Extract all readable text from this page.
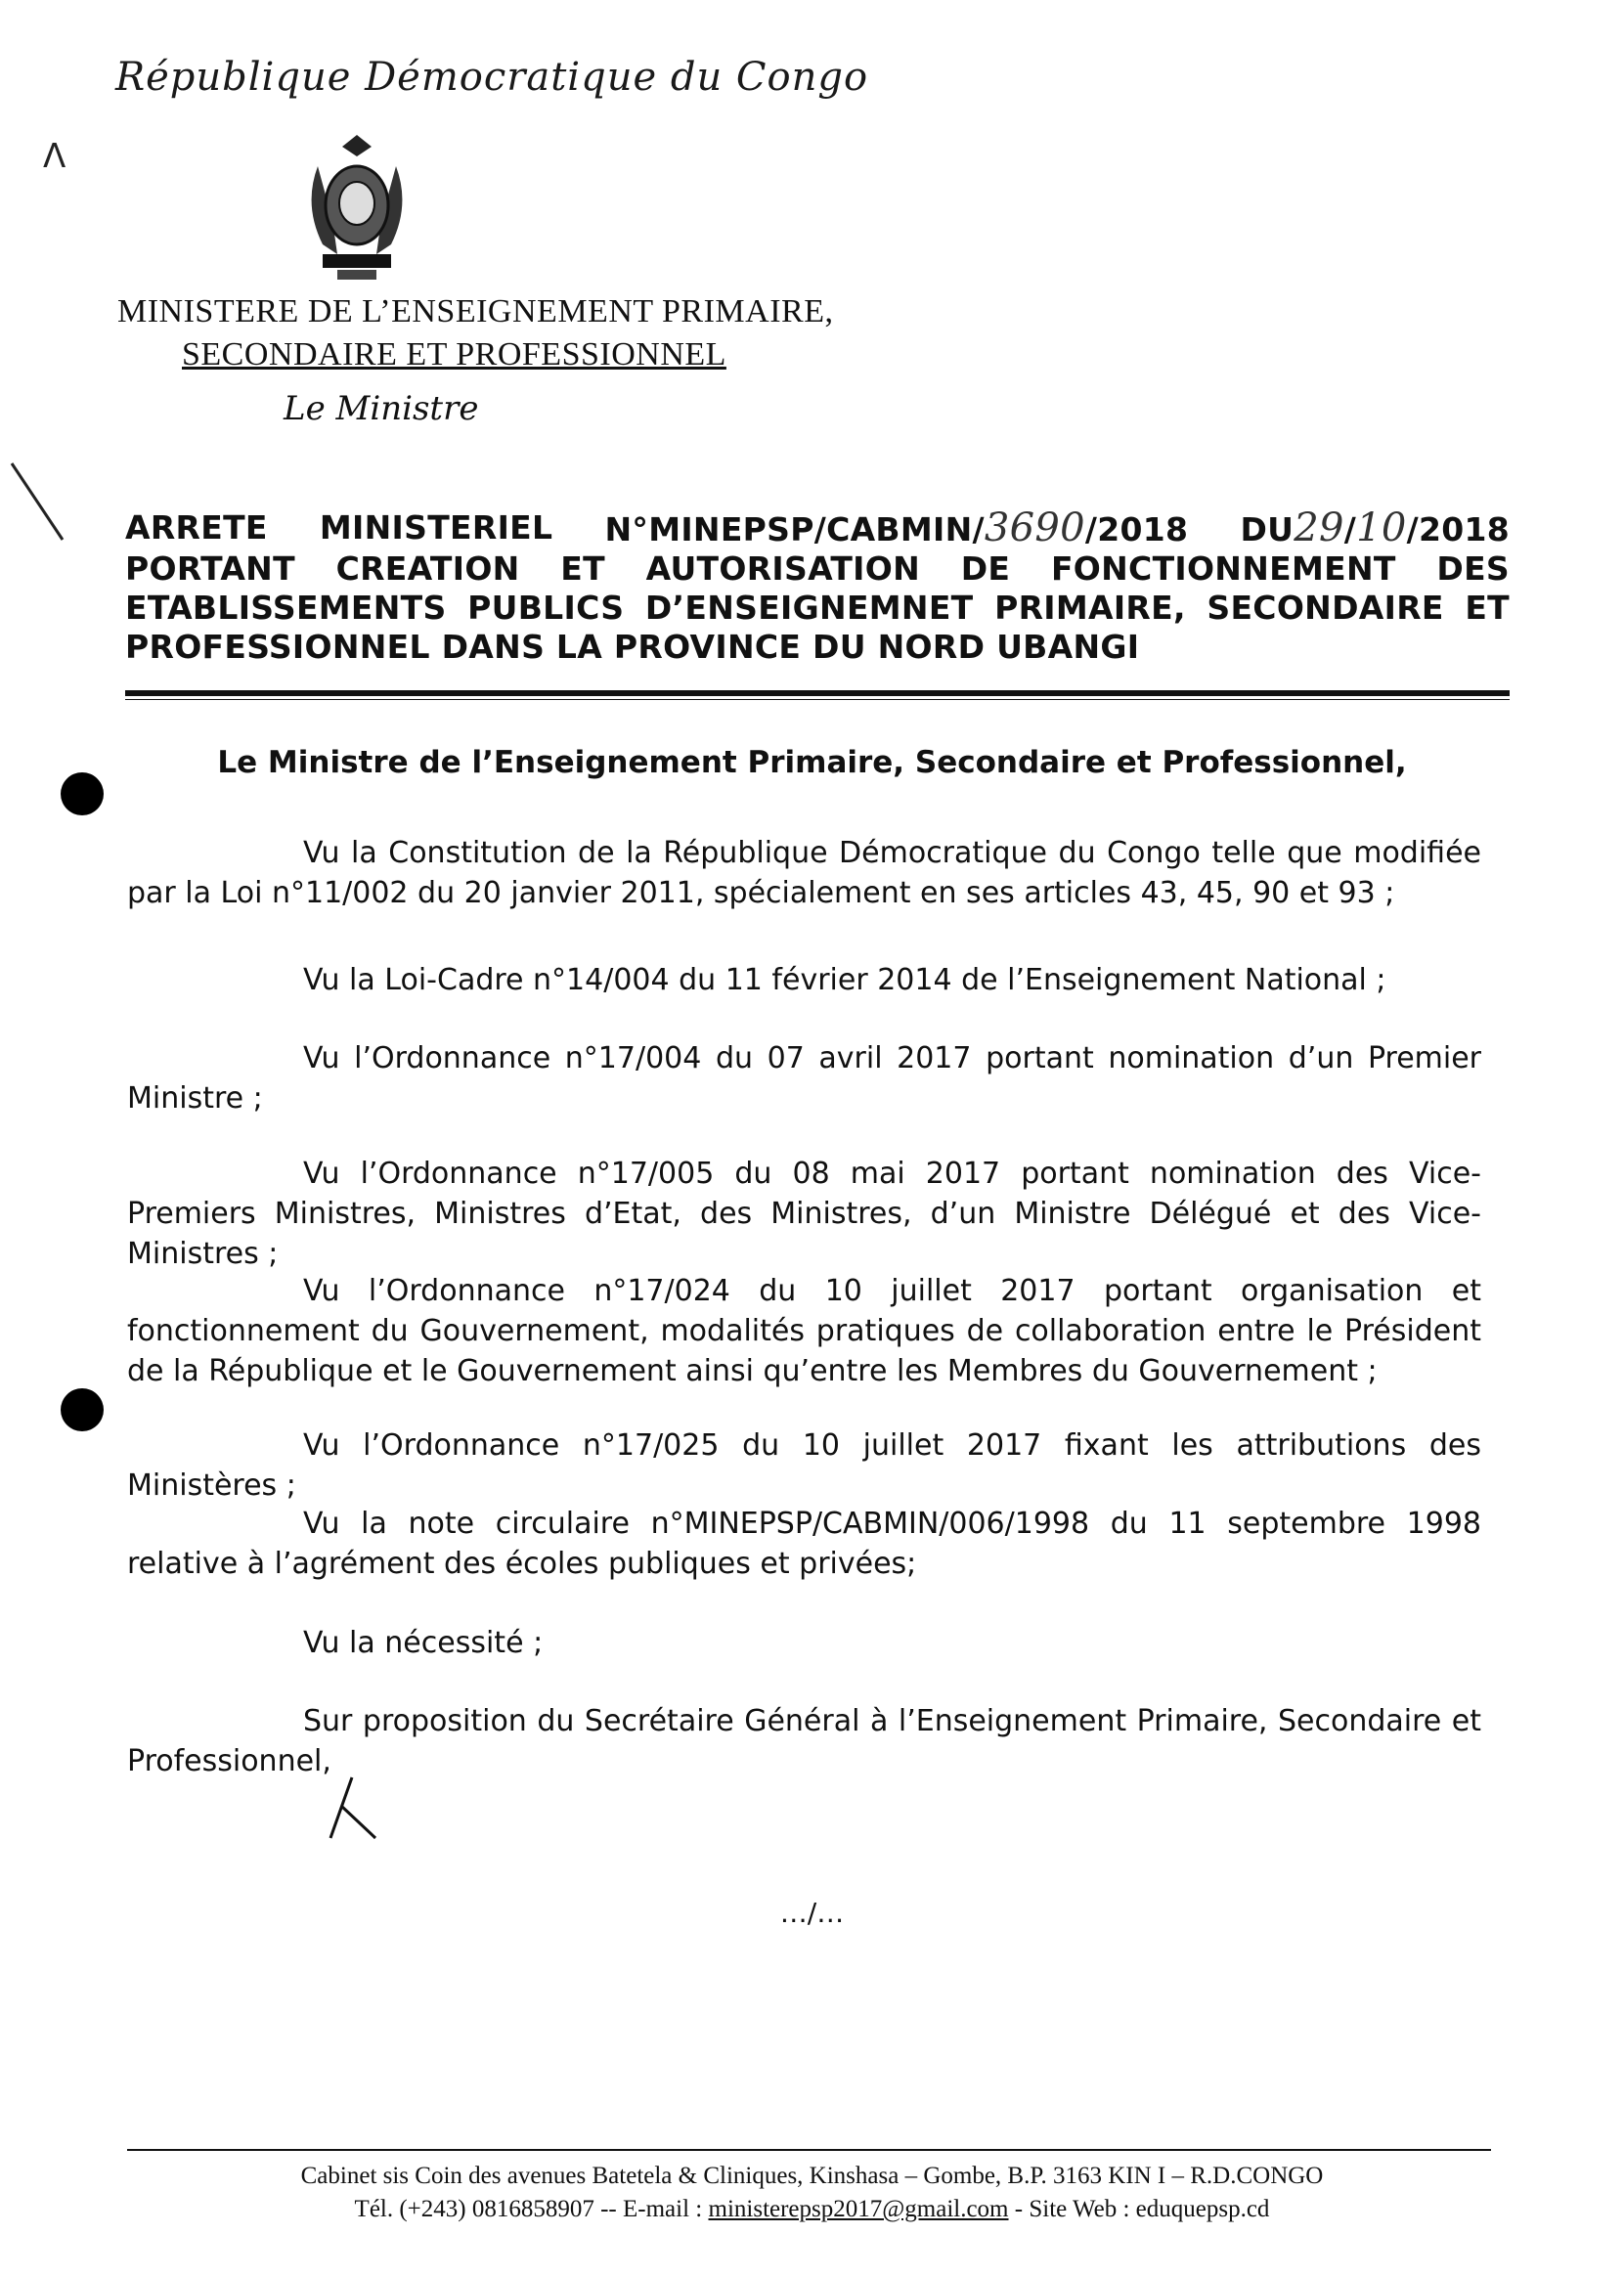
République Démocratique du Congo
MINISTERE DE L’ENSEIGNEMENT PRIMAIRE,
SECONDAIRE ET PROFESSIONNEL
Le Ministre
ᐱ
ARRETE MINISTERIEL N°MINEPSP/CABMIN/3690/2018 DU29/10/2018
PORTANT CREATION ET AUTORISATION DE FONCTIONNEMENT DES
ETABLISSEMENTS PUBLICS D’ENSEIGNEMNET PRIMAIRE, SECONDAIRE ET
PROFESSIONNEL DANS LA PROVINCE DU NORD UBANGI
Le Ministre de l’Enseignement Primaire, Secondaire et Professionnel,
Vu la Constitution de la République Démocratique du Congo telle que modifiée par la Loi n°11/002 du 20 janvier 2011, spécialement en ses articles 43, 45, 90 et 93 ;
Vu la Loi-Cadre n°14/004 du 11 février 2014 de l’Enseignement National ;
Vu l’Ordonnance n°17/004 du 07 avril 2017 portant nomination d’un Premier Ministre ;
Vu l’Ordonnance n°17/005 du 08 mai 2017 portant nomination des Vice-Premiers Ministres, Ministres d’Etat, des Ministres, d’un Ministre Délégué et des Vice-Ministres ;
Vu l’Ordonnance n°17/024 du 10 juillet 2017 portant organisation et fonctionnement du Gouvernement, modalités pratiques de collaboration entre le Président de la République et le Gouvernement ainsi qu’entre les Membres du Gouvernement ;
Vu l’Ordonnance n°17/025 du 10 juillet 2017 fixant les attributions des Ministères ;
Vu la note circulaire n°MINEPSP/CABMIN/006/1998 du 11 septembre 1998 relative à l’agrément des écoles publiques et privées;
Vu la nécessité ;
Sur proposition du Secrétaire Général à l’Enseignement Primaire, Secondaire et Professionnel,
…/…
Cabinet sis Coin des avenues Batetela & Cliniques, Kinshasa – Gombe, B.P. 3163 KIN I – R.D.CONGO
Tél. (+243) 0816858907 -- E-mail : ministerepsp2017@gmail.com - Site Web : eduquepsp.cd
